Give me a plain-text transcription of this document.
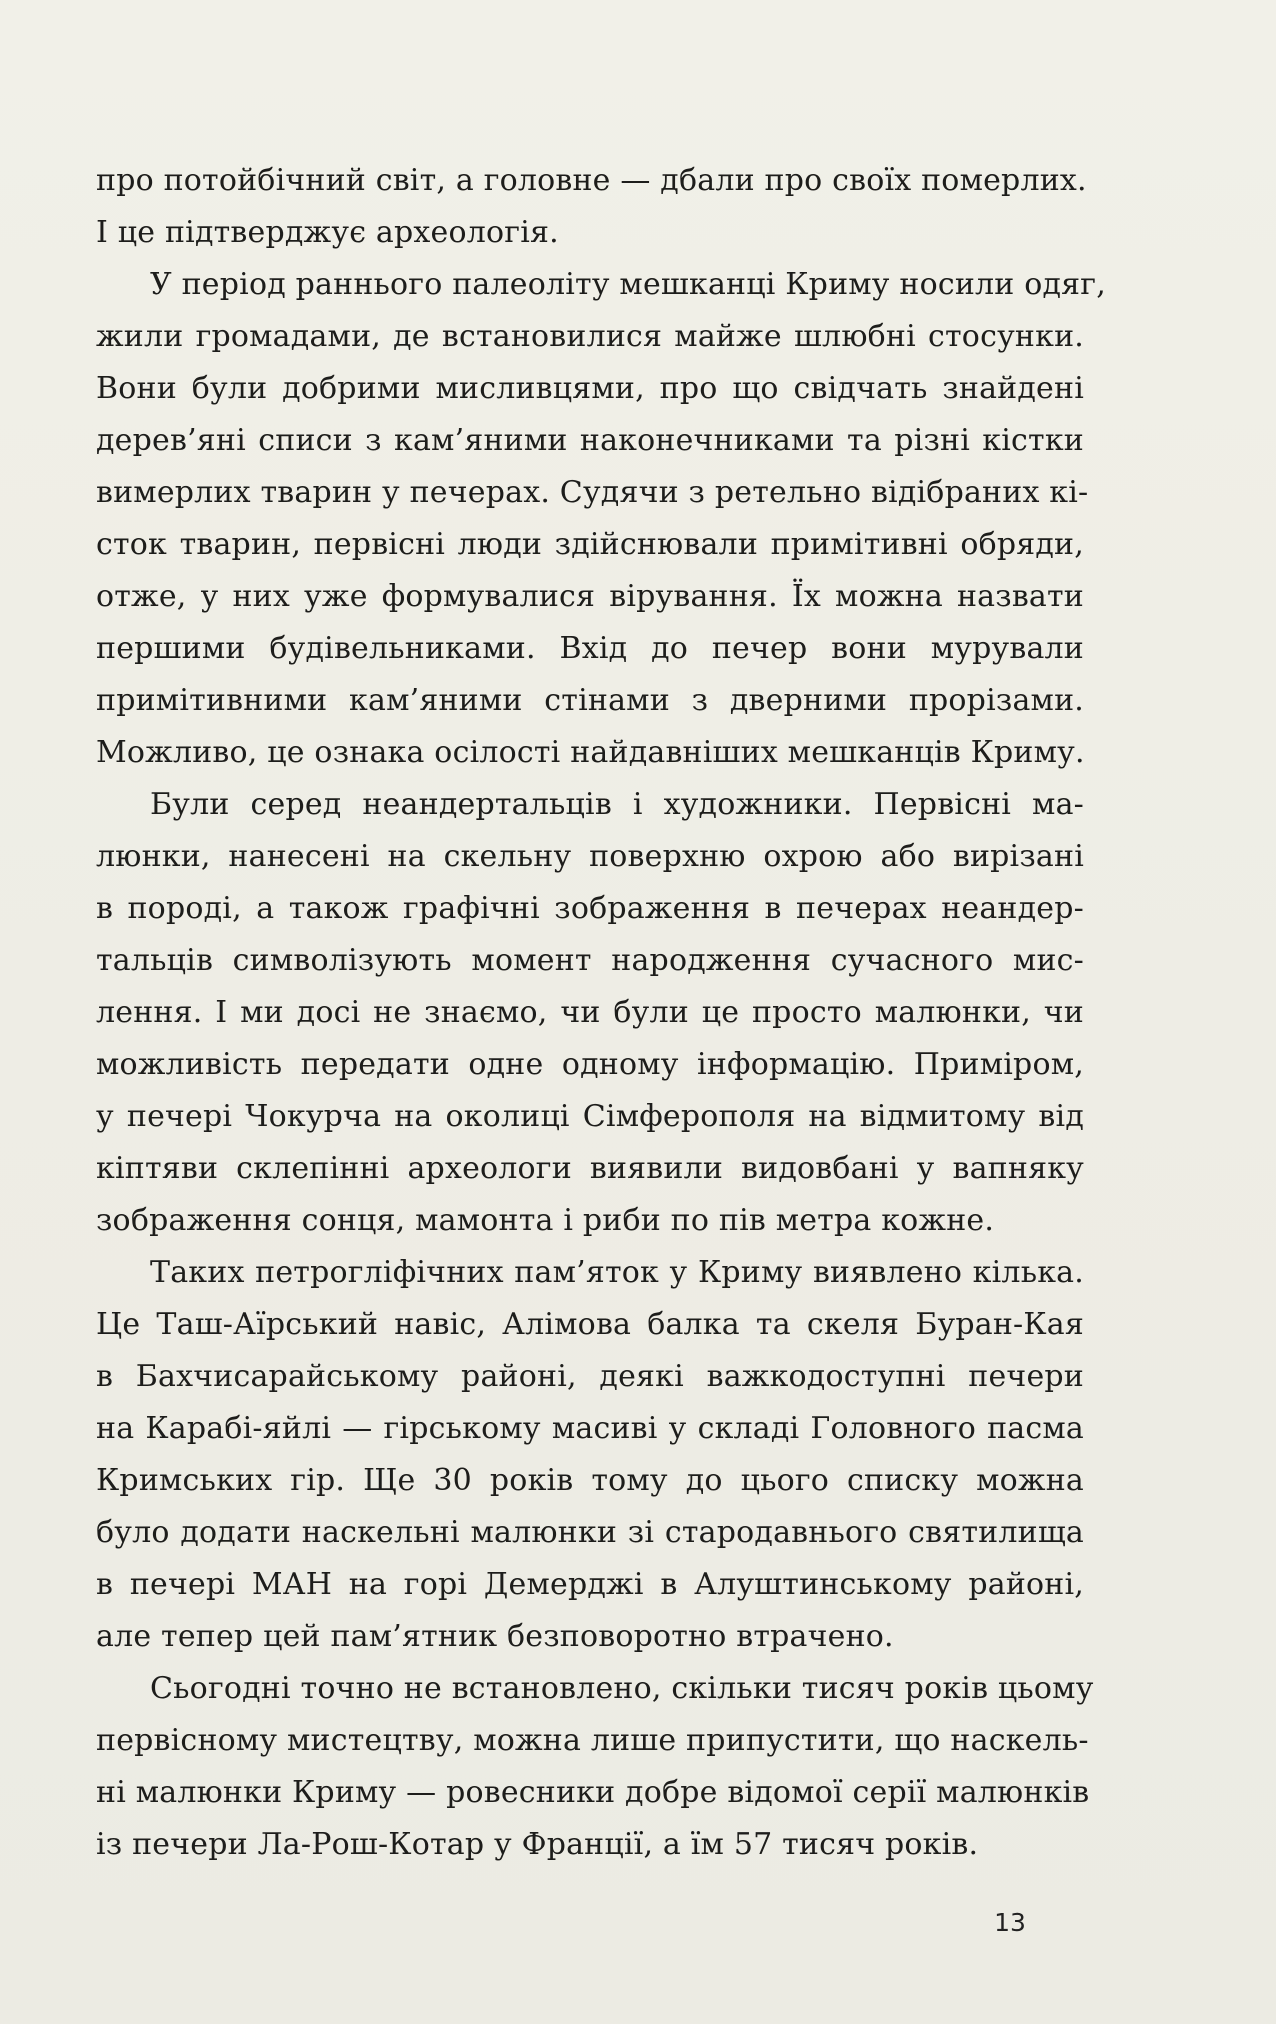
про потойбічний світ, а головне — дбали про своїх померлих.
І це підтверджує археологія.
У період раннього палеоліту мешканці Криму носили одяг,
жили громадами, де встановилися майже шлюбні стосунки.
Вони були добрими мисливцями, про що свідчать знайдені
дерев’яні списи з кам’яними наконечниками та різні кістки
вимерлих тварин у печерах. Судячи з ретельно відібраних кі-
сток тварин, первісні люди здійснювали примітивні обряди,
отже, у них уже формувалися вірування. Їх можна назвати
першими будівельниками. Вхід до печер вони мурували
примітивними кам’яними стінами з дверними прорізами.
Можливо, це ознака осілості найдавніших мешканців Криму.
Були серед неандертальців і художники. Первісні ма-
люнки, нанесені на скельну поверхню охрою або вирізані
в породі, а також графічні зображення в печерах неандер-
тальців символізують момент народження сучасного мис-
лення. І ми досі не знаємо, чи були це просто малюнки, чи
можливість передати одне одному інформацію. Приміром,
у печері Чокурча на околиці Сімферополя на відмитому від
кіптяви склепінні археологи виявили видовбані у вапняку
зображення сонця, мамонта і риби по пів метра кожне.
Таких петрогліфічних пам’яток у Криму виявлено кілька.
Це Таш-Аїрський навіс, Алімова балка та скеля Буран-Кая
в Бахчисарайському районі, деякі важкодоступні печери
на Карабі-яйлі — гірському масиві у складі Головного пасма
Кримських гір. Ще 30 років тому до цього списку можна
було додати наскельні малюнки зі стародавнього святилища
в печері МАН на горі Демерджі в Алуштинському районі,
але тепер цей пам’ятник безповоротно втрачено.
Сьогодні точно не встановлено, скільки тисяч років цьому
первісному мистецтву, можна лише припустити, що наскель-
ні малюнки Криму — ровесники добре відомої серії малюнків
із печери Ла-Рош-Котар у Франції, а їм 57 тисяч років.
13
